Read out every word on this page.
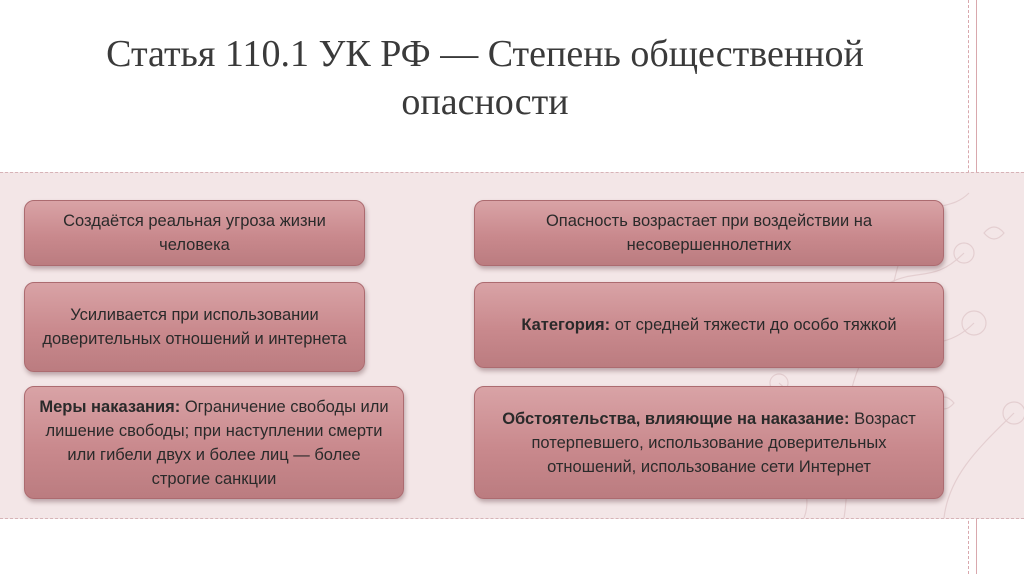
Статья 110.1 УК РФ — Степень общественной опасности

Создаётся реальная угроза жизни человека

Усиливается при использовании доверительных отношений и интернета

Меры наказания: Ограничение свободы или лишение свободы; при наступлении смерти или гибели двух и более лиц — более строгие санкции

Опасность возрастает при воздействии на несовершеннолетних

Категория: от средней тяжести до особо тяжкой

Обстоятельства, влияющие на наказание: Возраст потерпевшего, использование доверительных отношений, использование сети Интернет
